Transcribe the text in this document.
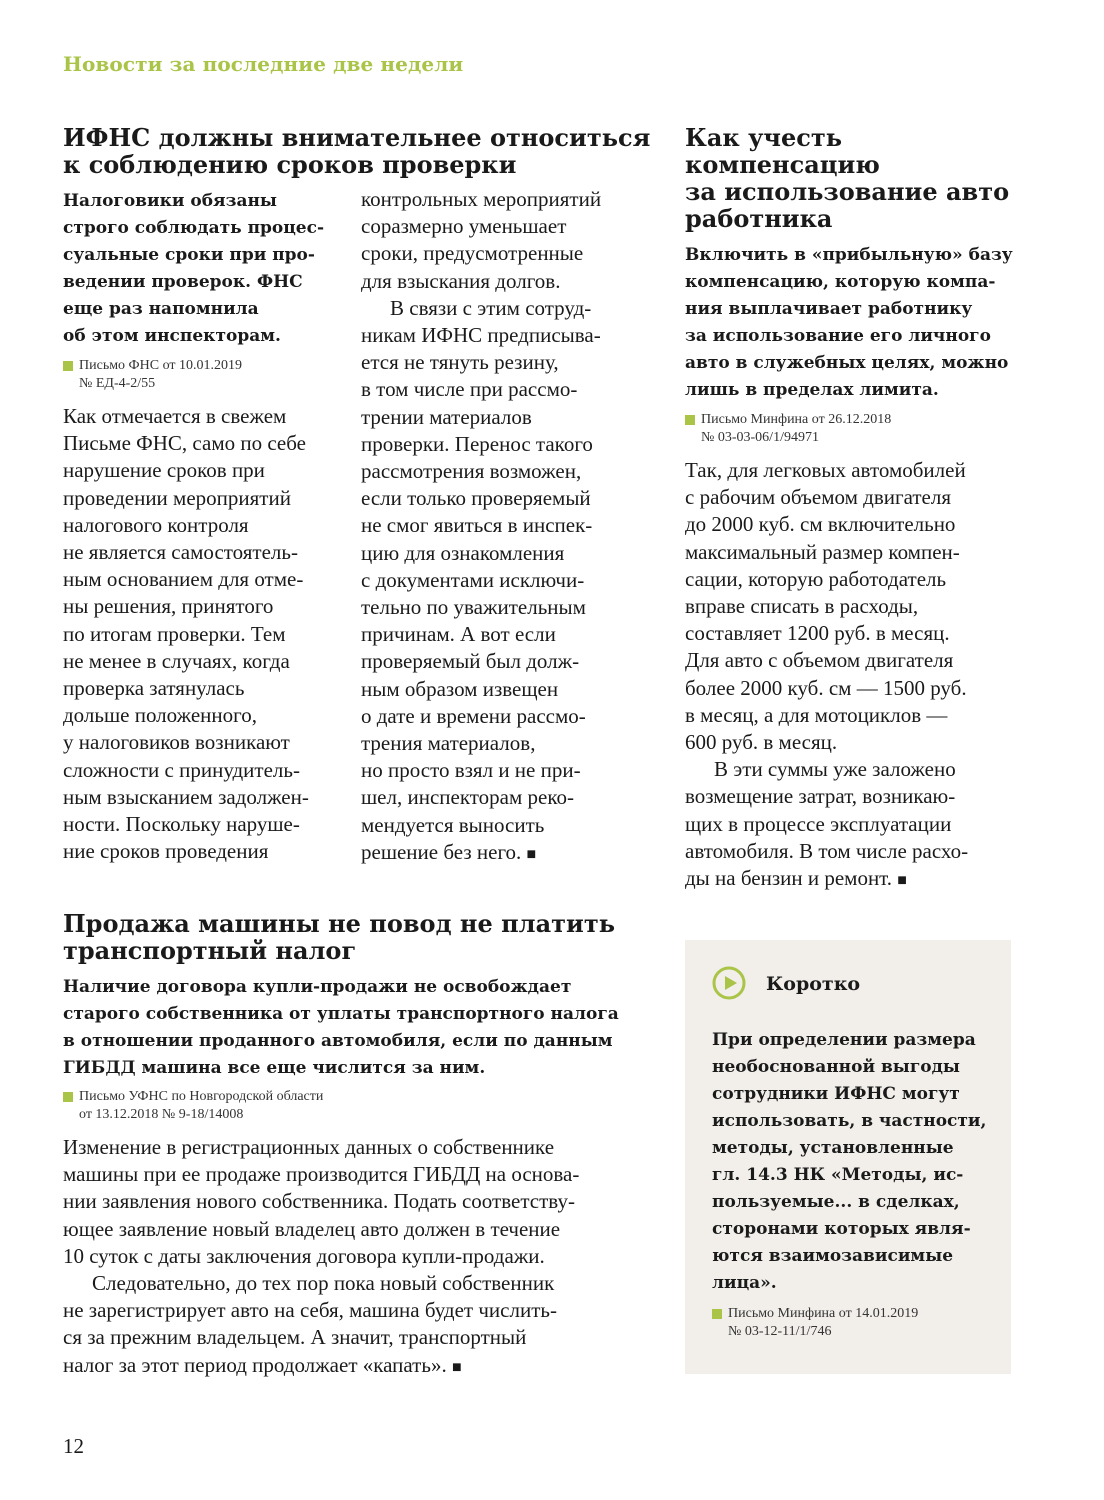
Новости за последние две недели
ИФНС должны внимательнее относиться
к соблюдению сроков проверки
Налоговики обязаны
строго соблюдать процес-
суальные сроки при про-
ведении проверок. ФНС
еще раз напомнила
об этом инспекторам.
Письмо ФНС от 10.01.2019
№ ЕД-4-2/55
Как отмечается в свежем
Письме ФНС, само по себе
нарушение сроков при
проведении мероприятий
налогового контроля
не является самостоятель-
ным основанием для отме-
ны решения, принятого
по итогам проверки. Тем
не менее в случаях, когда
проверка затянулась
дольше положенного,
у налоговиков возникают
сложности с принудитель-
ным взысканием задолжен-
ности. Поскольку наруше-
ние сроков проведения
контрольных мероприятий
соразмерно уменьшает
сроки, предусмотренные
для взыскания долгов.
В связи с этим сотруд-
никам ИФНС предписыва-
ется не тянуть резину,
в том числе при рассмо-
трении материалов
проверки. Перенос такого
рассмотрения возможен,
если только проверяемый
не смог явиться в инспек-
цию для ознакомления
с документами исключи-
тельно по уважительным
причинам. А вот если
проверяемый был долж-
ным образом извещен
о дате и времени рассмо-
трения материалов,
но просто взял и не при-
шел, инспекторам реко-
мендуется выносить
решение без него. ■
Как учесть
компенсацию
за использование авто
работника
Включить в «прибыльную» базу
компенсацию, которую компа-
ния выплачивает работнику
за использование его личного
авто в служебных целях, можно
лишь в пределах лимита.
Письмо Минфина от 26.12.2018
№ 03-03-06/1/94971
Так, для легковых автомобилей
с рабочим объемом двигателя
до 2000 куб. см включительно
максимальный размер компен-
сации, которую работодатель
вправе списать в расходы,
составляет 1200 руб. в месяц.
Для авто с объемом двигателя
более 2000 куб. см — 1500 руб.
в месяц, а для мотоциклов —
600 руб. в месяц.
В эти суммы уже заложено
возмещение затрат, возникаю-
щих в процессе эксплуатации
автомобиля. В том числе расхо-
ды на бензин и ремонт. ■
Продажа машины не повод не платить
транспортный налог
Наличие договора купли-продажи не освобождает
старого собственника от уплаты транспортного налога
в отношении проданного автомобиля, если по данным
ГИБДД машина все еще числится за ним.
Письмо УФНС по Новгородской области
от 13.12.2018 № 9-18/14008
Изменение в регистрационных данных о собственнике
машины при ее продаже производится ГИБДД на основа-
нии заявления нового собственника. Подать соответству-
ющее заявление новый владелец авто должен в течение
10 суток с даты заключения договора купли-продажи.
Следовательно, до тех пор пока новый собственник
не зарегистрирует авто на себя, машина будет числить-
ся за прежним владельцем. А значит, транспортный
налог за этот период продолжает «капать». ■
Коротко
При определении размера
необоснованной выгоды
сотрудники ИФНС могут
использовать, в частности,
методы, установленные
гл. 14.3 НК «Методы, ис-
пользуемые... в сделках,
сторонами которых явля-
ются взаимозависимые
лица».
Письмо Минфина от 14.01.2019
№ 03-12-11/1/746
12
